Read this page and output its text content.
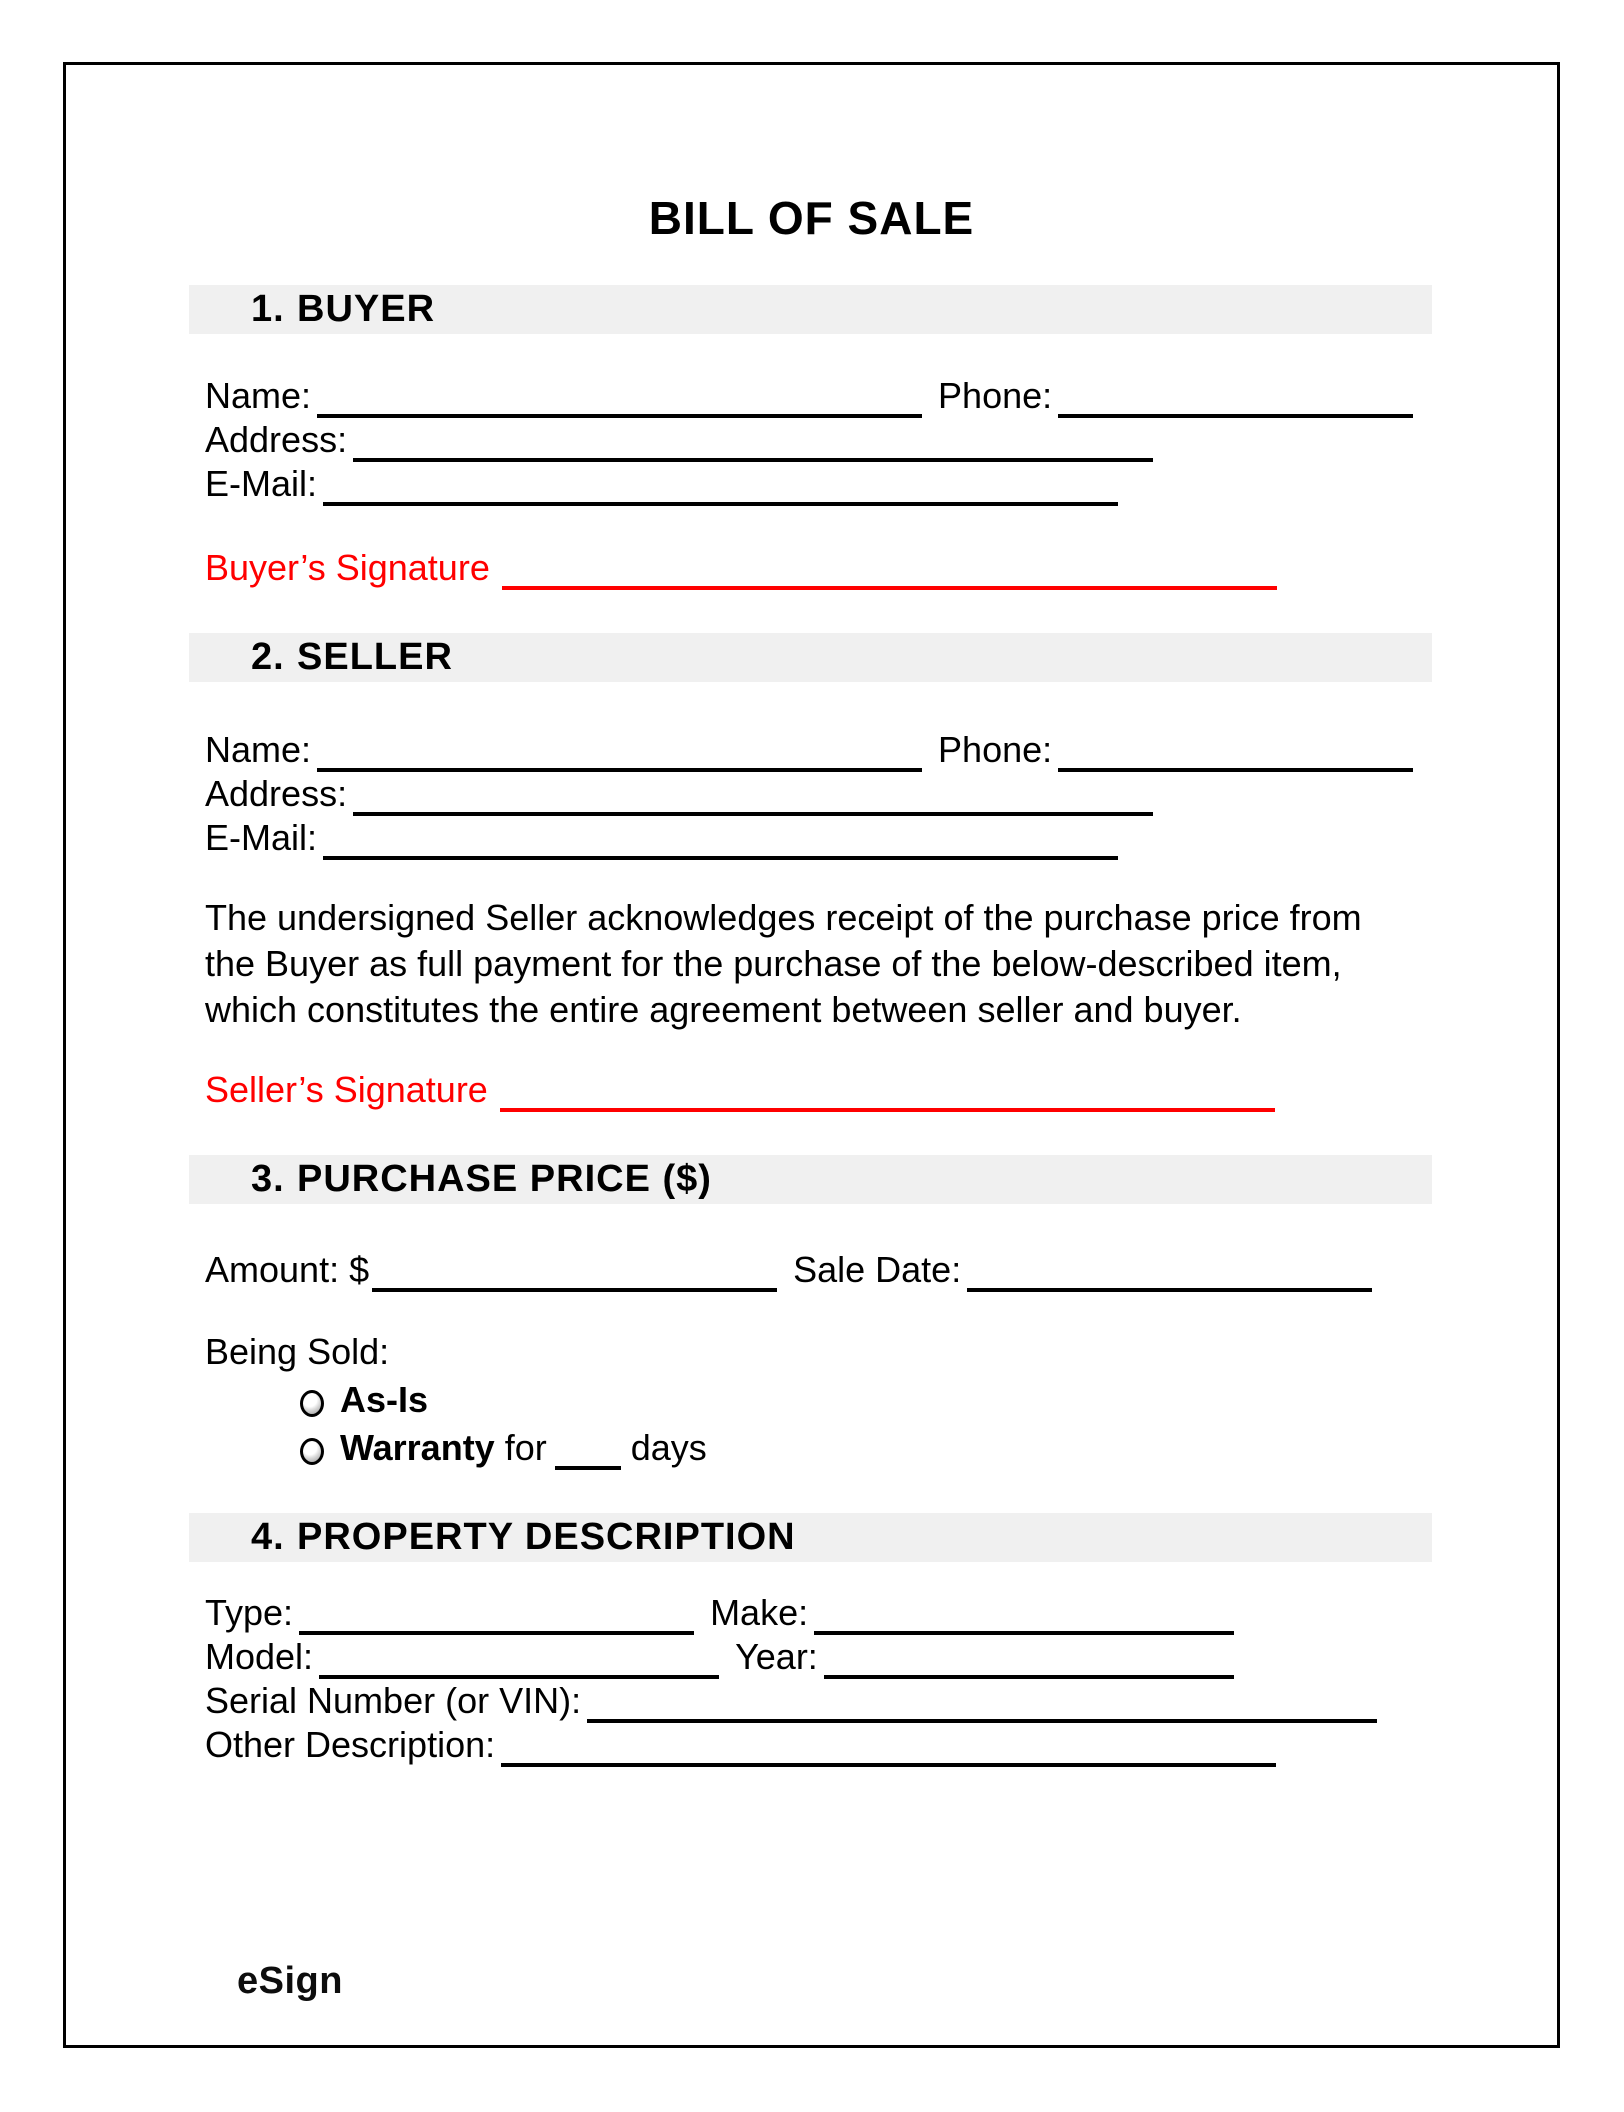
BILL OF SALE
1. BUYER
Name:	Phone:
Address:
E-Mail:
Buyer’s Signature
2. SELLER
Name:	Phone:
Address:
E-Mail:
The undersigned Seller acknowledges receipt of the purchase price from the Buyer as full payment for the purchase of the below-described item, which constitutes the entire agreement between seller and buyer.
Seller’s Signature
3. PURCHASE PRICE ($)
Amount: $	Sale Date:
Being Sold:
As-Is
Warranty for days
4. PROPERTY DESCRIPTION
Type:	Make:
Model:	Year:
Serial Number (or VIN):
Other Description:
eSign
